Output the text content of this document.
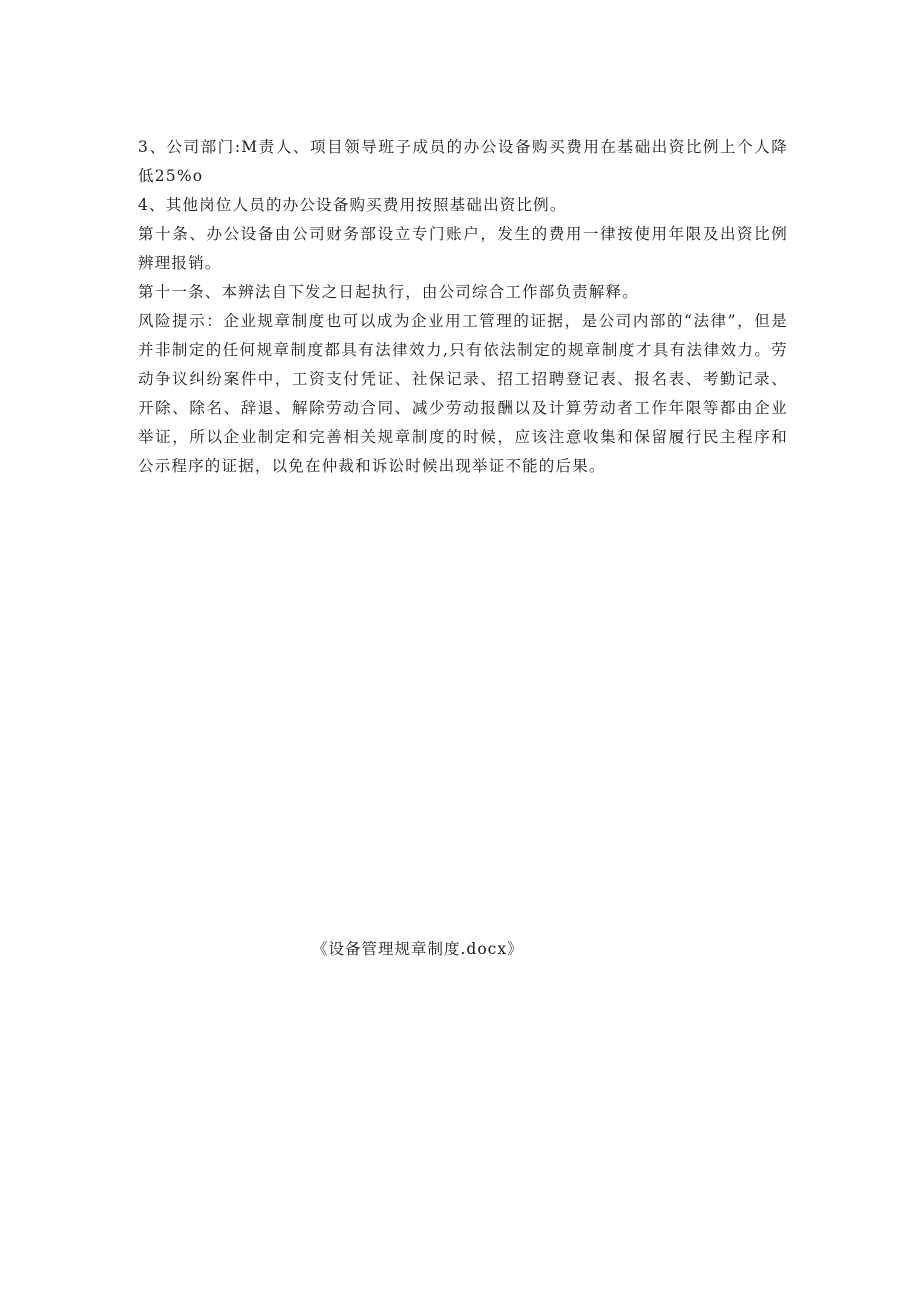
3、公司部门:M责人、项目领导班子成员的办公设备购买费用在基础出资比例上个人降低25%o

4、其他岗位人员的办公设备购买费用按照基础出资比例。

第十条、办公设备由公司财务部设立专门账户，发生的费用一律按使用年限及出资比例辨理报销。

第十一条、本辨法自下发之日起执行，由公司综合工作部负责解释。

风险提示：企业规章制度也可以成为企业用工管理的证据，是公司内部的“法律”，但是并非制定的任何规章制度都具有法律效力,只有依法制定的规章制度才具有法律效力。劳动争议纠纷案件中，工资支付凭证、社保记录、招工招聘登记表、报名表、考勤记录、开除、除名、辞退、解除劳动合同、减少劳动报酬以及计算劳动者工作年限等都由企业举证，所以企业制定和完善相关规章制度的时候，应该注意收集和保留履行民主程序和公示程序的证据，以免在仲裁和诉讼时候出现举证不能的后果。

《设备管理规章制度.docx》
